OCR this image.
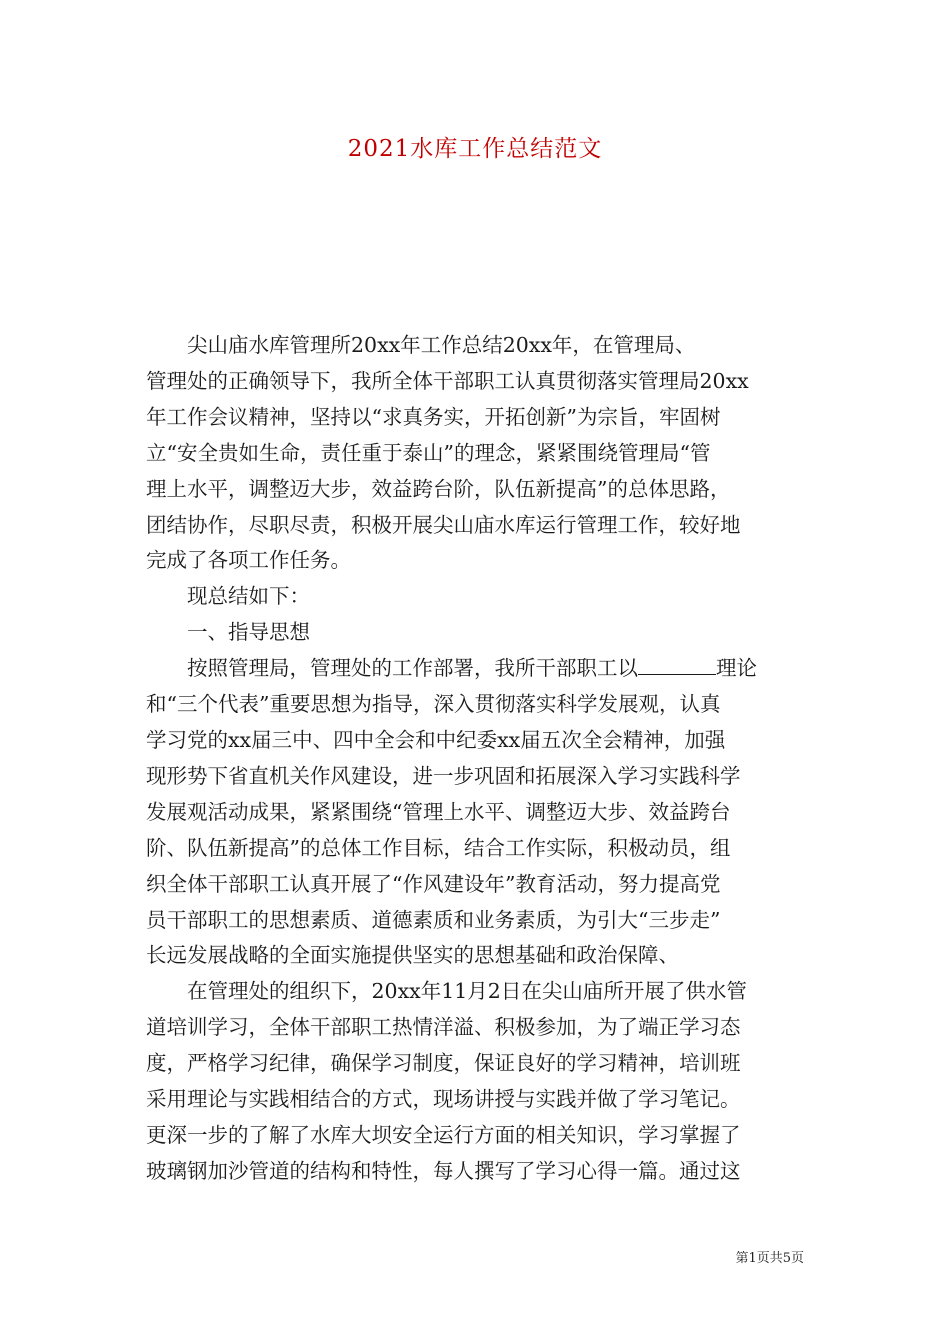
2021水库工作总结范文
　　尖山庙水库管理所20xx年工作总结20xx年，在管理局、
管理处的正确领导下，我所全体干部职工认真贯彻落实管理局20xx
年工作会议精神，坚持以“求真务实，开拓创新”为宗旨，牢固树
立“安全贵如生命，责任重于泰山”的理念，紧紧围绕管理局“管
理上水平，调整迈大步，效益跨台阶，队伍新提高”的总体思路，
团结协作，尽职尽责，积极开展尖山庙水库运行管理工作，较好地
完成了各项工作任务。
　　现总结如下：
　　一、指导思想
　　按照管理局，管理处的工作部署，我所干部职工以	理论
和“三个代表”重要思想为指导，深入贯彻落实科学发展观，认真
学习党的xx届三中、四中全会和中纪委xx届五次全会精神，加强
现形势下省直机关作风建设，进一步巩固和拓展深入学习实践科学
发展观活动成果，紧紧围绕“管理上水平、调整迈大步、效益跨台
阶、队伍新提高”的总体工作目标，结合工作实际，积极动员，组
织全体干部职工认真开展了“作风建设年”教育活动，努力提高党
员干部职工的思想素质、道德素质和业务素质，为引大“三步走”
长远发展战略的全面实施提供坚实的思想基础和政治保障、
　　在管理处的组织下，20xx年11月2日在尖山庙所开展了供水管
道培训学习，全体干部职工热情洋溢、积极参加，为了端正学习态
度，严格学习纪律，确保学习制度，保证良好的学习精神，培训班
采用理论与实践相结合的方式，现场讲授与实践并做了学习笔记。
更深一步的了解了水库大坝安全运行方面的相关知识，学习掌握了
玻璃钢加沙管道的结构和特性，每人撰写了学习心得一篇。通过这
第1页共5页
